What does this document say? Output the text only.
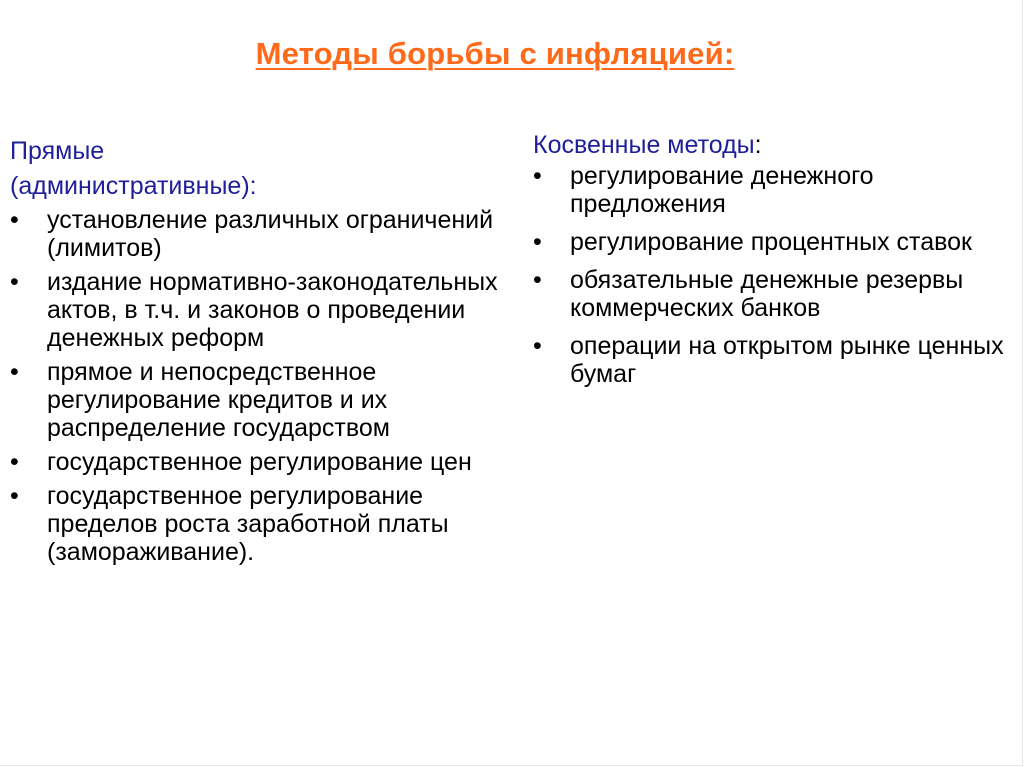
Методы борьбы с инфляцией:
Прямые
(административные):
•	установление различных ограничений (лимитов)
•	издание нормативно-законодательных актов, в т.ч. и законов о проведении денежных реформ
•	прямое и непосредственное регулирование кредитов и их распределение государством
•	государственное регулирование цен
•	государственное регулирование пределов роста заработной платы (замораживание).
Косвенные методы:
•	регулирование денежного предложения
•	регулирование процентных ставок
•	обязательные денежные резервы коммерческих банков
•	операции на открытом рынке ценных бумаг
